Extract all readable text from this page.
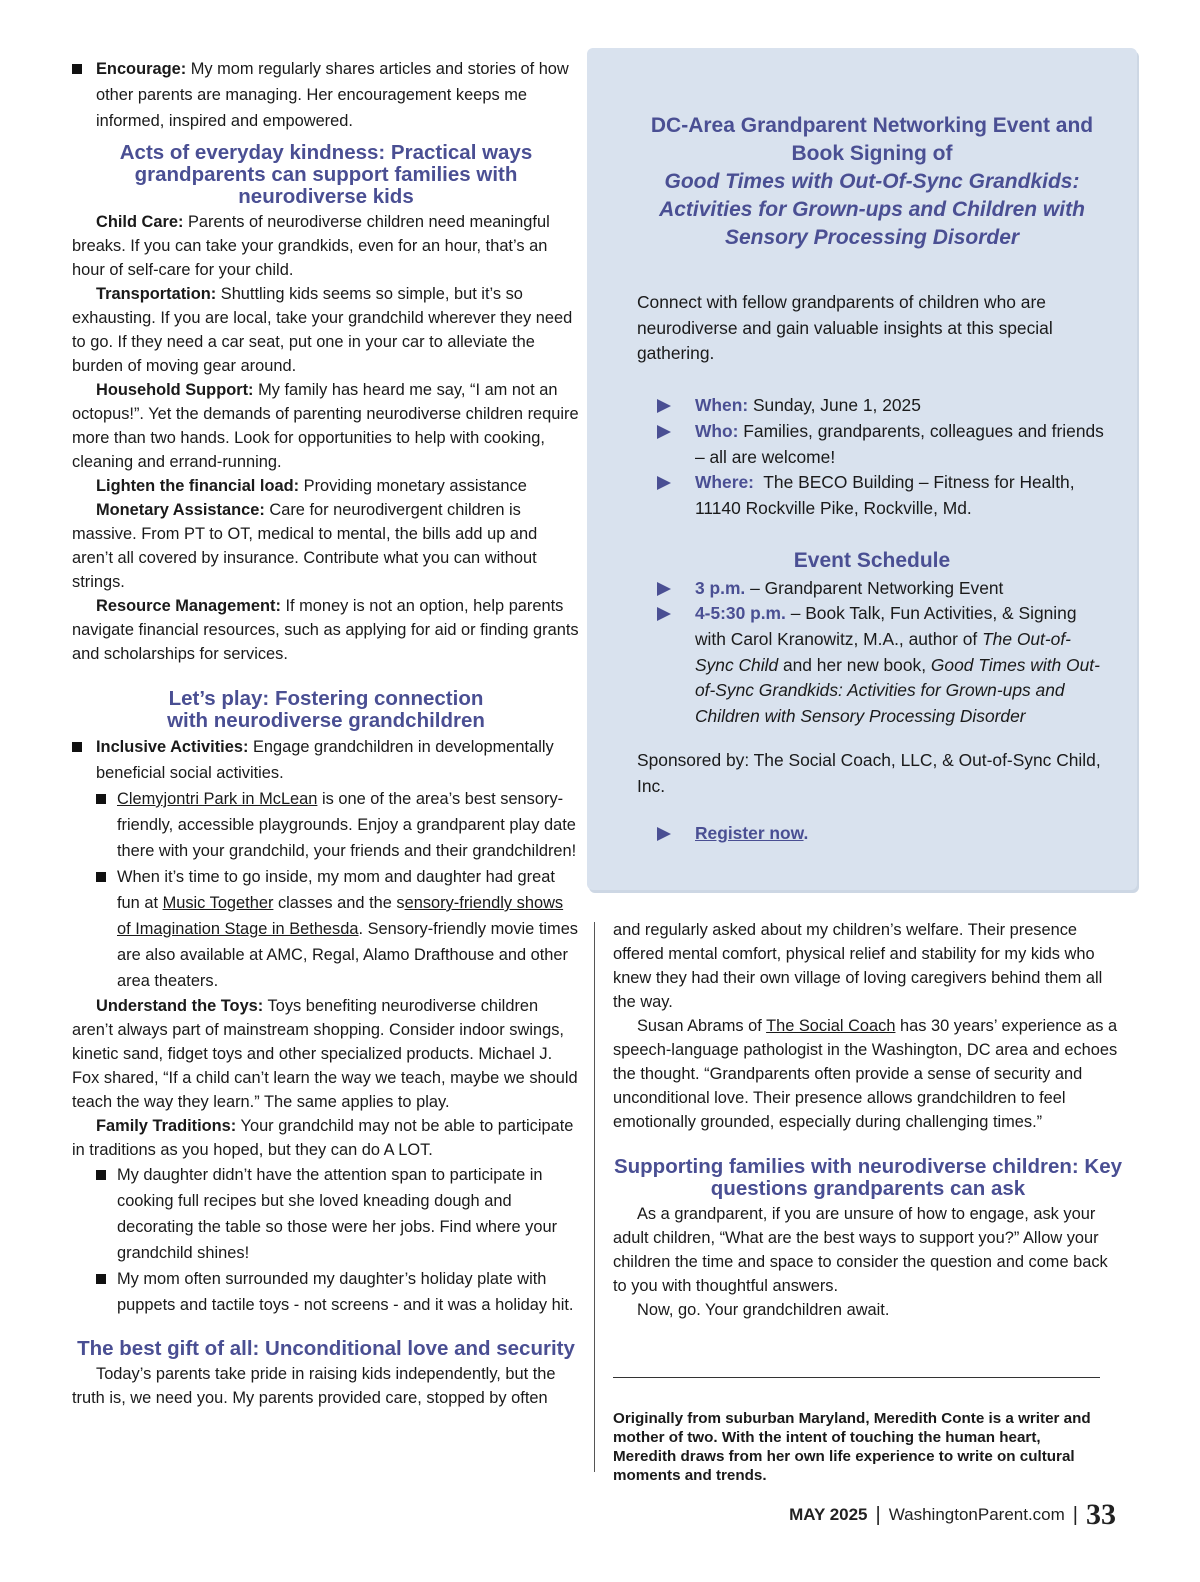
Encourage: My mom regularly shares articles and stories of how other parents are managing. Her encouragement keeps me informed, inspired and empowered.

Acts of everyday kindness: Practical ways grandparents can support families with neurodiverse kids

Child Care: Parents of neurodiverse children need meaningful breaks. If you can take your grandkids, even for an hour, that’s an hour of self-care for your child.

Transportation: Shuttling kids seems so simple, but it’s so exhausting. If you are local, take your grandchild wherever they need to go. If they need a car seat, put one in your car to alleviate the burden of moving gear around.

Household Support: My family has heard me say, “I am not an octopus!”. Yet the demands of parenting neurodiverse children require more than two hands. Look for opportunities to help with cooking, cleaning and errand-running.

Lighten the financial load: Providing monetary assistance

Monetary Assistance: Care for neurodivergent children is massive. From PT to OT, medical to mental, the bills add up and aren’t all covered by insurance. Contribute what you can without strings.

Resource Management: If money is not an option, help parents navigate financial resources, such as applying for aid or finding grants and scholarships for services.

Let’s play: Fostering connection with neurodiverse grandchildren

Inclusive Activities: Engage grandchildren in developmentally beneficial social activities.

Clemyjontri Park in McLean is one of the area’s best sensory-friendly, accessible playgrounds. Enjoy a grandparent play date there with your grandchild, your friends and their grandchildren!

When it’s time to go inside, my mom and daughter had great fun at Music Together classes and the sensory-friendly shows of Imagination Stage in Bethesda. Sensory-friendly movie times are also available at AMC, Regal, Alamo Drafthouse and other area theaters.

Understand the Toys: Toys benefiting neurodiverse children aren’t always part of mainstream shopping. Consider indoor swings, kinetic sand, fidget toys and other specialized products. Michael J. Fox shared, “If a child can’t learn the way we teach, maybe we should teach the way they learn.” The same applies to play.

Family Traditions: Your grandchild may not be able to participate in traditions as you hoped, but they can do A LOT.

My daughter didn’t have the attention span to participate in cooking full recipes but she loved kneading dough and decorating the table so those were her jobs. Find where your grandchild shines!

My mom often surrounded my daughter’s holiday plate with puppets and tactile toys - not screens - and it was a holiday hit.

The best gift of all: Unconditional love and security

Today’s parents take pride in raising kids independently, but the truth is, we need you. My parents provided care, stopped by often

DC-Area Grandparent Networking Event and Book Signing of
Good Times with Out-Of-Sync Grandkids: Activities for Grown-ups and Children with Sensory Processing Disorder

Connect with fellow grandparents of children who are neurodiverse and gain valuable insights at this special gathering.

When: Sunday, June 1, 2025

Who: Families, grandparents, colleagues and friends – all are welcome!

Where:  The BECO Building – Fitness for Health, 11140 Rockville Pike, Rockville, Md.

Event Schedule

3 p.m. – Grandparent Networking Event

4-5:30 p.m. – Book Talk, Fun Activities, & Signing with Carol Kranowitz, M.A., author of The Out-of-Sync Child and her new book, Good Times with Out-of-Sync Grandkids: Activities for Grown-ups and Children with Sensory Processing Disorder

Sponsored by: The Social Coach, LLC, & Out-of-Sync Child, Inc.

Register now.

and regularly asked about my children’s welfare. Their presence offered mental comfort, physical relief and stability for my kids who knew they had their own village of loving caregivers behind them all the way.

Susan Abrams of The Social Coach has 30 years’ experience as a speech-language pathologist in the Washington, DC area and echoes the thought. “Grandparents often provide a sense of security and unconditional love. Their presence allows grandchildren to feel emotionally grounded, especially during challenging times.”

Supporting families with neurodiverse children: Key questions grandparents can ask

As a grandparent, if you are unsure of how to engage, ask your adult children, “What are the best ways to support you?” Allow your children the time and space to consider the question and come back to you with thoughtful answers.

Now, go. Your grandchildren await.

Originally from suburban Maryland, Meredith Conte is a writer and mother of two. With the intent of touching the human heart, Meredith draws from her own life experience to write on cultural moments and trends.

MAY 2025 | WashingtonParent.com | 33
